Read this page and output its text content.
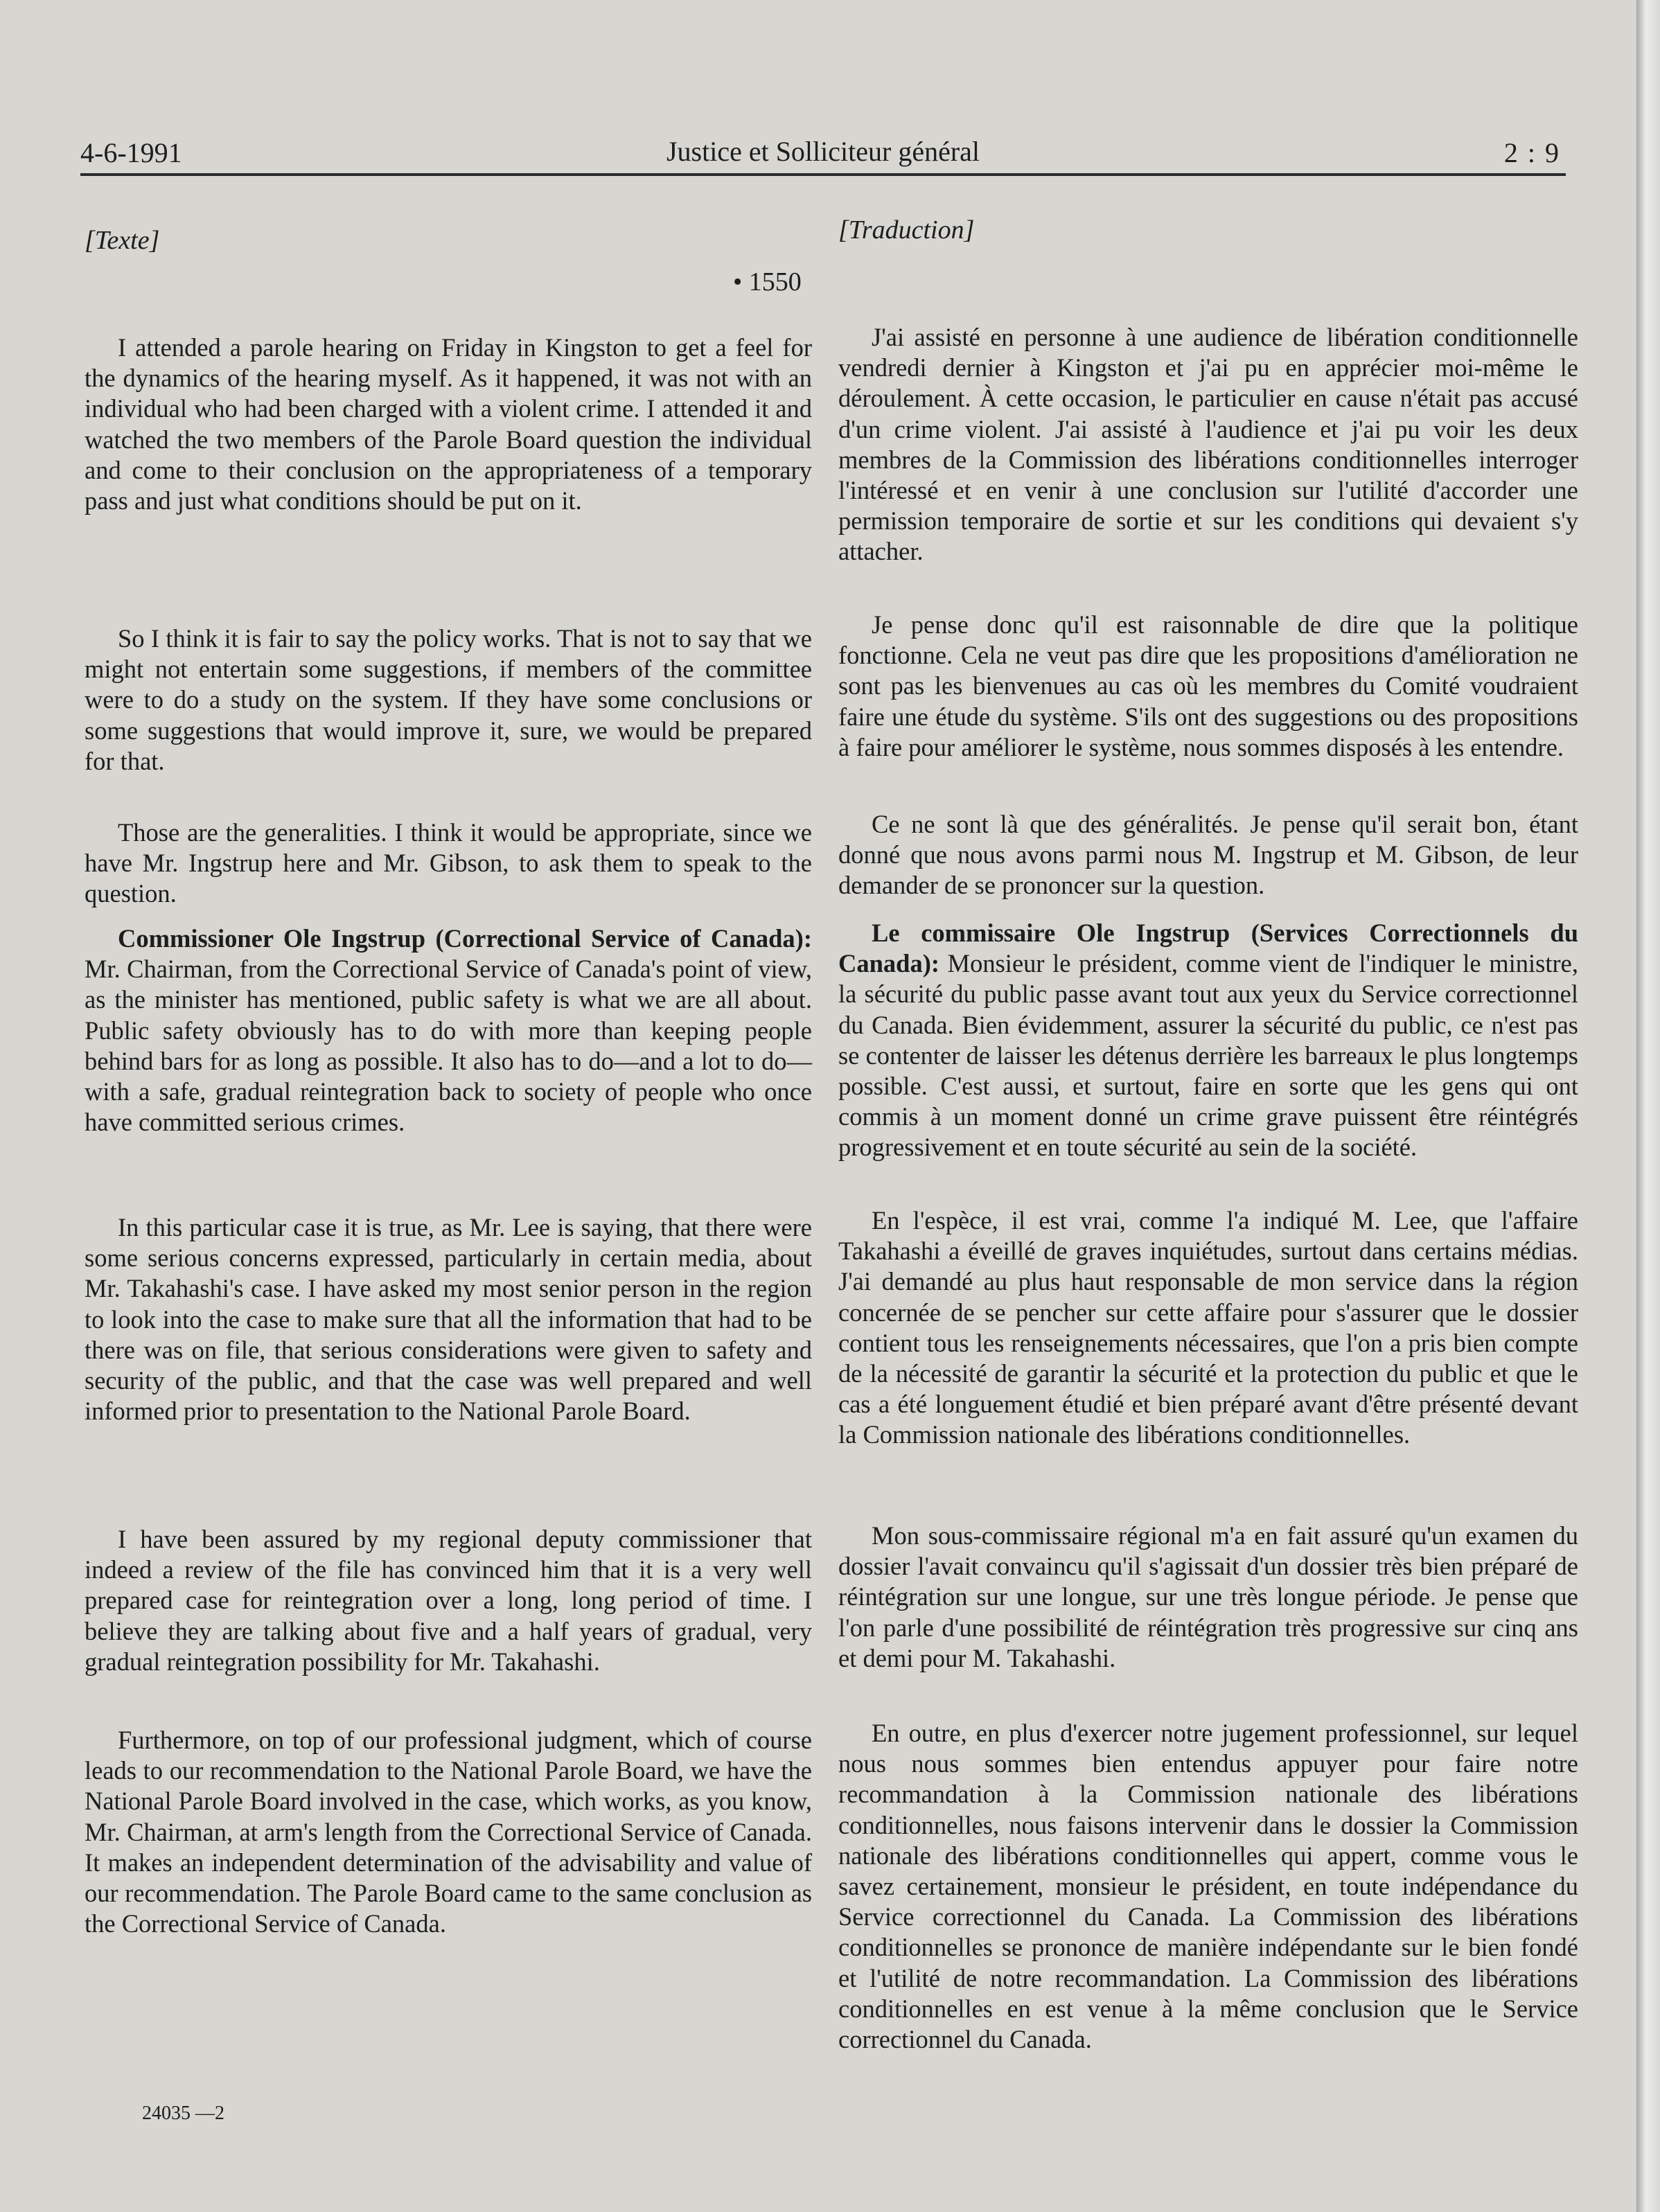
4-6-1991	Justice et Solliciteur général	2 : 9
[Texte]
• 1550

I attended a parole hearing on Friday in Kingston to get a feel for the dynamics of the hearing myself. As it happened, it was not with an individual who had been charged with a violent crime. I attended it and watched the two members of the Parole Board question the individual and come to their conclusion on the appropriateness of a temporary pass and just what conditions should be put on it.

So I think it is fair to say the policy works. That is not to say that we might not entertain some suggestions, if members of the committee were to do a study on the system. If they have some conclusions or some suggestions that would improve it, sure, we would be prepared for that.

Those are the generalities. I think it would be appropriate, since we have Mr. Ingstrup here and Mr. Gibson, to ask them to speak to the question.

Commissioner Ole Ingstrup (Correctional Service of Canada): Mr. Chairman, from the Correctional Service of Canada's point of view, as the minister has mentioned, public safety is what we are all about. Public safety obviously has to do with more than keeping people behind bars for as long as possible. It also has to do—and a lot to do—with a safe, gradual reintegration back to society of people who once have committed serious crimes.

In this particular case it is true, as Mr. Lee is saying, that there were some serious concerns expressed, particularly in certain media, about Mr. Takahashi's case. I have asked my most senior person in the region to look into the case to make sure that all the information that had to be there was on file, that serious considerations were given to safety and security of the public, and that the case was well prepared and well informed prior to presentation to the National Parole Board.

I have been assured by my regional deputy commissioner that indeed a review of the file has convinced him that it is a very well prepared case for reintegration over a long, long period of time. I believe they are talking about five and a half years of gradual, very gradual reintegration possibility for Mr. Takahashi.

Furthermore, on top of our professional judgment, which of course leads to our recommendation to the National Parole Board, we have the National Parole Board involved in the case, which works, as you know, Mr. Chairman, at arm's length from the Correctional Service of Canada. It makes an independent determination of the advisability and value of our recommendation. The Parole Board came to the same conclusion as the Correctional Service of Canada.

[Traduction]

J'ai assisté en personne à une audience de libération conditionnelle vendredi dernier à Kingston et j'ai pu en apprécier moi-même le déroulement. À cette occasion, le particulier en cause n'était pas accusé d'un crime violent. J'ai assisté à l'audience et j'ai pu voir les deux membres de la Commission des libérations conditionnelles interroger l'intéressé et en venir à une conclusion sur l'utilité d'accorder une permission temporaire de sortie et sur les conditions qui devaient s'y attacher.

Je pense donc qu'il est raisonnable de dire que la politique fonctionne. Cela ne veut pas dire que les propositions d'amélioration ne sont pas les bienvenues au cas où les membres du Comité voudraient faire une étude du système. S'ils ont des suggestions ou des propositions à faire pour améliorer le système, nous sommes disposés à les entendre.

Ce ne sont là que des généralités. Je pense qu'il serait bon, étant donné que nous avons parmi nous M. Ingstrup et M. Gibson, de leur demander de se prononcer sur la question.

Le commissaire Ole Ingstrup (Services Correctionnels du Canada): Monsieur le président, comme vient de l'indiquer le ministre, la sécurité du public passe avant tout aux yeux du Service correctionnel du Canada. Bien évidemment, assurer la sécurité du public, ce n'est pas se contenter de laisser les détenus derrière les barreaux le plus longtemps possible. C'est aussi, et surtout, faire en sorte que les gens qui ont commis à un moment donné un crime grave puissent être réintégrés progressivement et en toute sécurité au sein de la société.

En l'espèce, il est vrai, comme l'a indiqué M. Lee, que l'affaire Takahashi a éveillé de graves inquiétudes, surtout dans certains médias. J'ai demandé au plus haut responsable de mon service dans la région concernée de se pencher sur cette affaire pour s'assurer que le dossier contient tous les renseignements nécessaires, que l'on a pris bien compte de la nécessité de garantir la sécurité et la protection du public et que le cas a été longuement étudié et bien préparé avant d'être présenté devant la Commission nationale des libérations conditionnelles.

Mon sous-commissaire régional m'a en fait assuré qu'un examen du dossier l'avait convaincu qu'il s'agissait d'un dossier très bien préparé de réintégration sur une longue, sur une très longue période. Je pense que l'on parle d'une possibilité de réintégration très progressive sur cinq ans et demi pour M. Takahashi.

En outre, en plus d'exercer notre jugement professionnel, sur lequel nous nous sommes bien entendus appuyer pour faire notre recommandation à la Commission nationale des libérations conditionnelles, nous faisons intervenir dans le dossier la Commission nationale des libérations conditionnelles qui appert, comme vous le savez certainement, monsieur le président, en toute indépendance du Service correctionnel du Canada. La Commission des libérations conditionnelles se prononce de manière indépendante sur le bien fondé et l'utilité de notre recommandation. La Commission des libérations conditionnelles en est venue à la même conclusion que le Service correctionnel du Canada.

24035 —2
